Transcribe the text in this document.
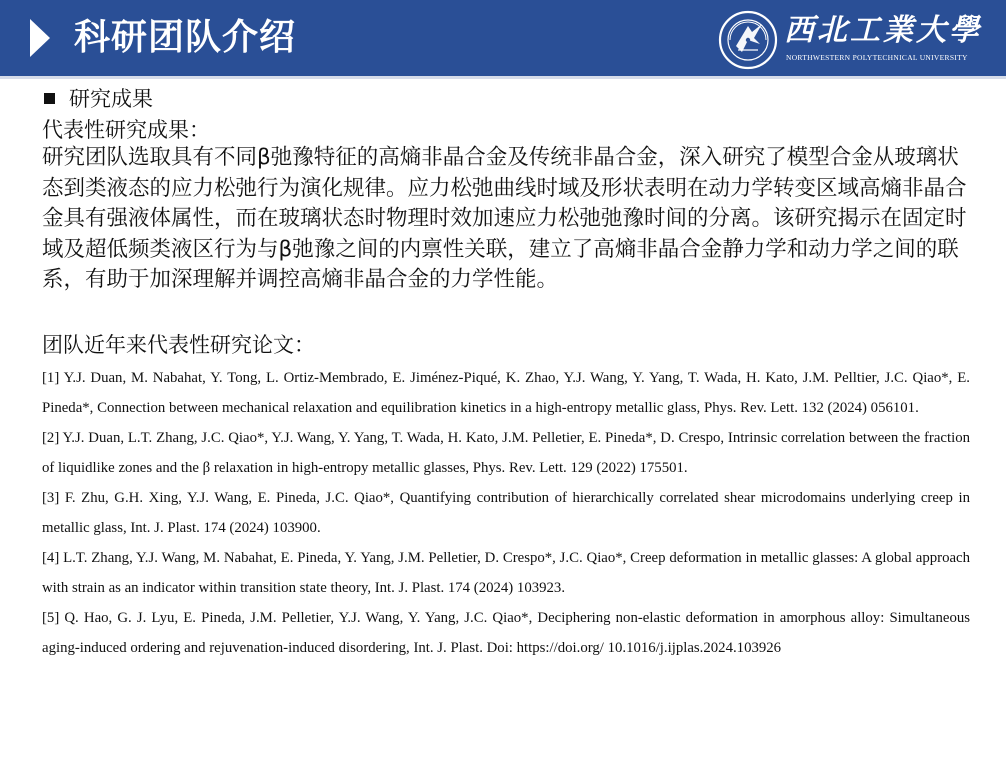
科研团队介绍	西北工業大學
NORTHWESTERN POLYTECHNICAL UNIVERSITY
研究成果
代表性研究成果：
研究团队选取具有不同β弛豫特征的高熵非晶合金及传统非晶合金，深入研究了模型合金从玻璃状态到类液态的应力松弛行为演化规律。应力松弛曲线时域及形状表明在动力学转变区域高熵非晶合金具有强液体属性，而在玻璃状态时物理时效加速应力松弛弛豫时间的分离。该研究揭示在固定时域及超低频类液区行为与β弛豫之间的内禀性关联，建立了高熵非晶合金静力学和动力学之间的联系，有助于加深理解并调控高熵非晶合金的力学性能。
团队近年来代表性研究论文：

[1] Y.J. Duan, M. Nabahat, Y. Tong, L. Ortiz-Membrado, E. Jiménez-Piqué, K. Zhao, Y.J. Wang, Y. Yang, T. Wada, H. Kato, J.M. Pelltier, J.C. Qiao*, E. Pineda*, Connection between mechanical relaxation and equilibration kinetics in a high-entropy metallic glass, Phys. Rev. Lett. 132 (2024) 056101.

[2] Y.J. Duan, L.T. Zhang, J.C. Qiao*, Y.J. Wang, Y. Yang, T. Wada, H. Kato, J.M. Pelletier, E. Pineda*, D. Crespo, Intrinsic correlation between the fraction of liquidlike zones and the β relaxation in high-entropy metallic glasses, Phys. Rev. Lett. 129 (2022) 175501.

[3] F. Zhu, G.H. Xing, Y.J. Wang, E. Pineda, J.C. Qiao*, Quantifying contribution of hierarchically correlated shear microdomains underlying creep in metallic glass, Int. J. Plast. 174 (2024) 103900.

[4] L.T. Zhang, Y.J. Wang, M. Nabahat, E. Pineda, Y. Yang, J.M. Pelletier, D. Crespo*, J.C. Qiao*, Creep deformation in metallic glasses: A global approach with strain as an indicator within transition state theory, Int. J. Plast. 174 (2024) 103923.

[5] Q. Hao, G. J. Lyu, E. Pineda, J.M. Pelletier, Y.J. Wang, Y. Yang, J.C. Qiao*, Deciphering non-elastic deformation in amorphous alloy: Simultaneous aging-induced ordering and rejuvenation-induced disordering, Int. J. Plast. Doi: https://doi.org/ 10.1016/j.ijplas.2024.103926
